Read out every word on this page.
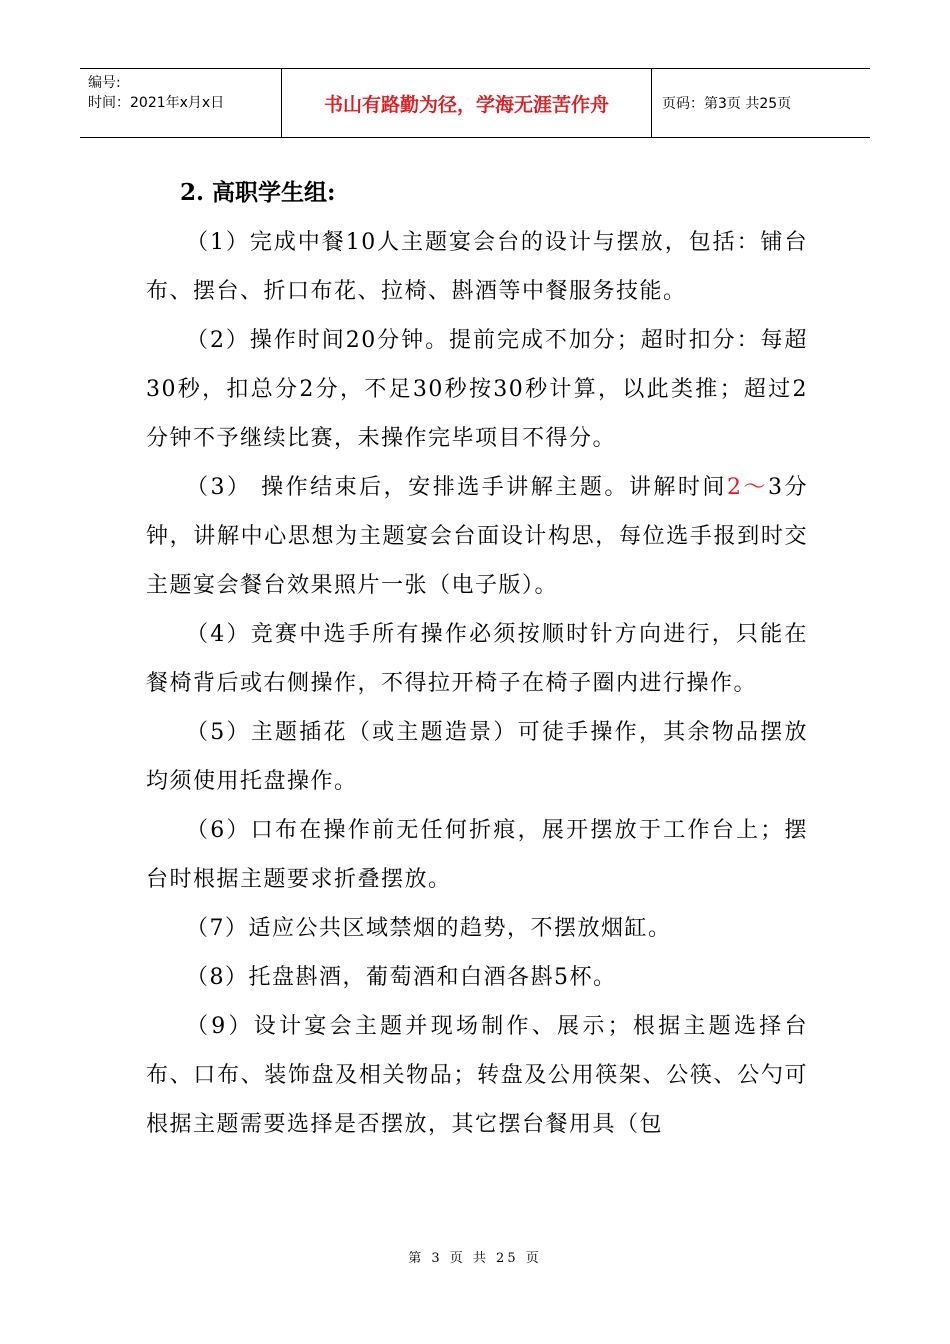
编号:
时间：2021年x月x日	书山有路勤为径，学海无涯苦作舟	页码：第3页 共25页
2. 高职学生组:

（1）完成中餐10人主题宴会台的设计与摆放，包括：铺台布、摆台、折口布花、拉椅、斟酒等中餐服务技能。

（2）操作时间20分钟。提前完成不加分；超时扣分：每超30秒，扣总分2分，不足30秒按30秒计算，以此类推；超过2分钟不予继续比赛，未操作完毕项目不得分。

（3） 操作结束后，安排选手讲解主题。讲解时间2～3分钟，讲解中心思想为主题宴会台面设计构思，每位选手报到时交主题宴会餐台效果照片一张（电子版）。

（4）竞赛中选手所有操作必须按顺时针方向进行，只能在餐椅背后或右侧操作，不得拉开椅子在椅子圈内进行操作。

（5）主题插花（或主题造景）可徒手操作，其余物品摆放均须使用托盘操作。

（6）口布在操作前无任何折痕，展开摆放于工作台上；摆台时根据主题要求折叠摆放。

（7）适应公共区域禁烟的趋势，不摆放烟缸。

（8）托盘斟酒，葡萄酒和白酒各斟5杯。

（9）设计宴会主题并现场制作、展示；根据主题选择台布、口布、装饰盘及相关物品；转盘及公用筷架、公筷、公勺可根据主题需要选择是否摆放，其它摆台餐用具（包

第 3 页 共 25 页
